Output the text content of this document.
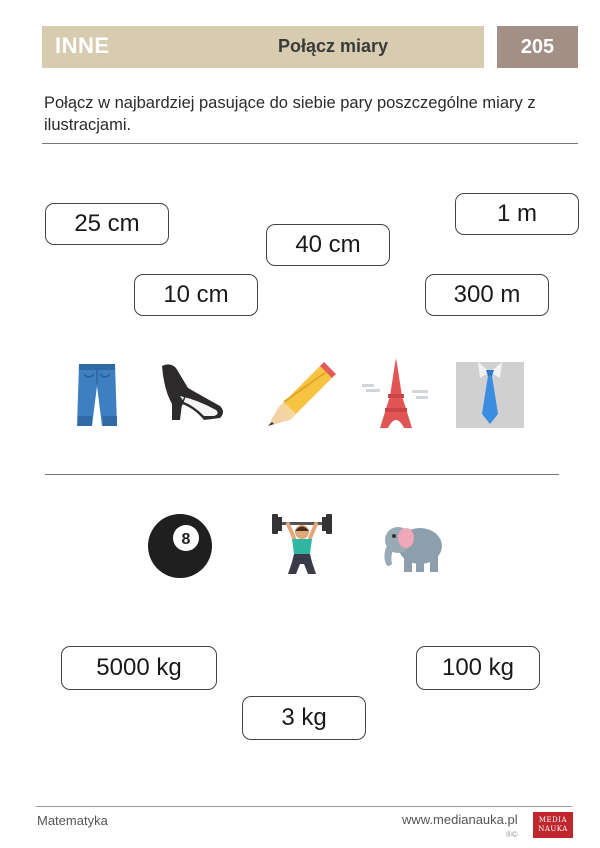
INNE	Połącz miary	205
Połącz w najbardziej pasujące do siebie pary poszczególne miary z ilustracjami.
25 cm
40 cm
1 m
10 cm	300 m
8
5000 kg	100 kg
3 kg
Matematyka	www.medianauka.pl
®©
MEDIA
NAUKA
